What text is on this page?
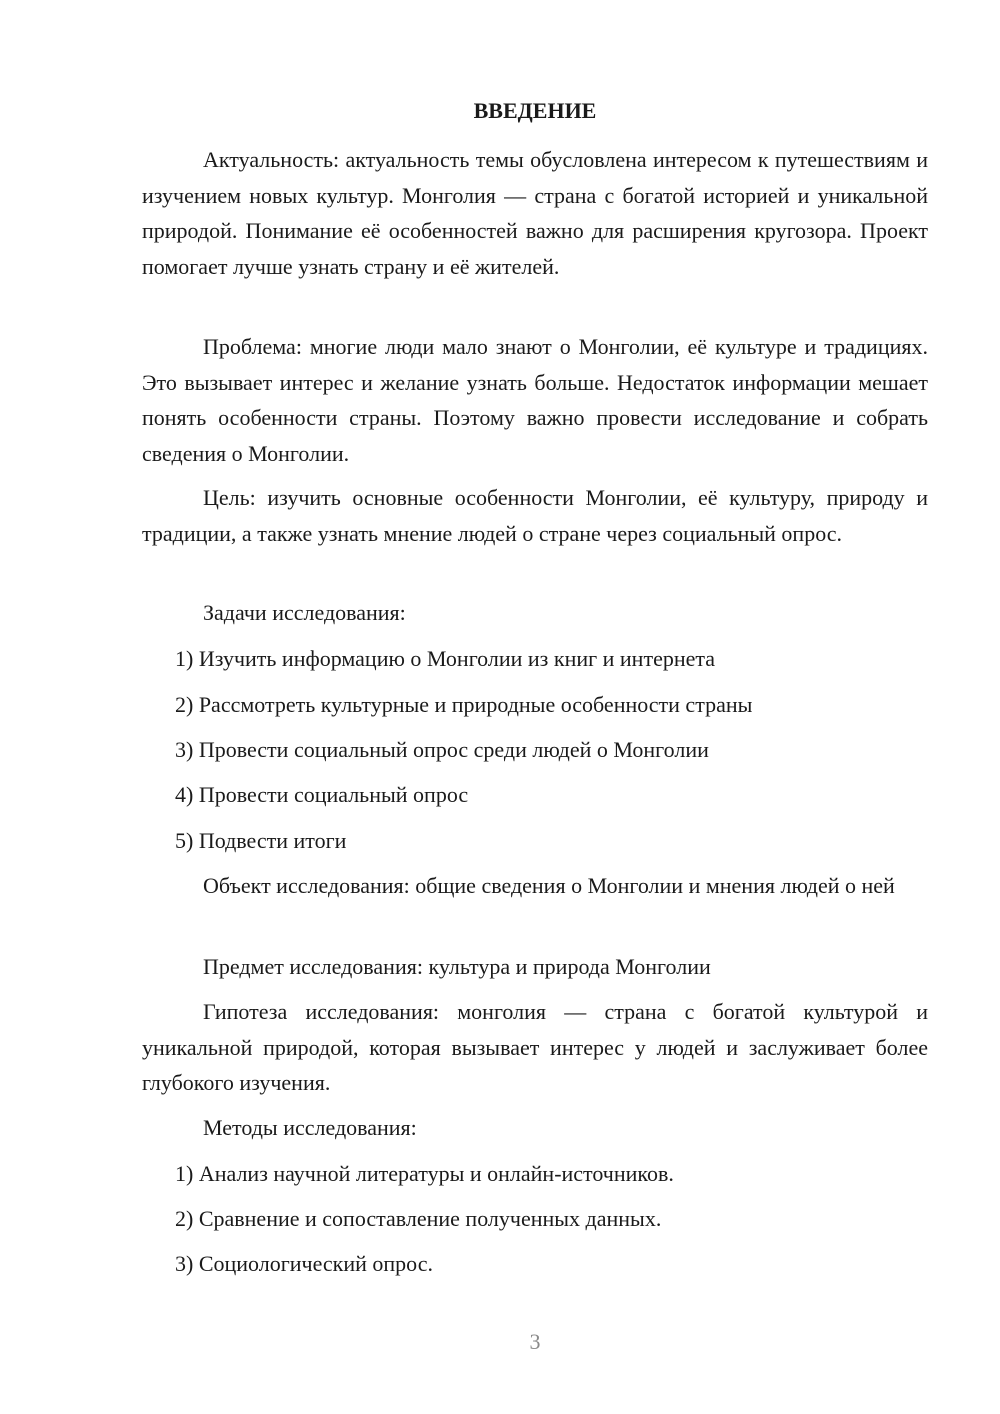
ВВЕДЕНИЕ

Актуальность: актуальность темы обусловлена интересом к путешествиям и изучением новых культур. Монголия — страна с богатой историей и уникальной природой. Понимание её особенностей важно для расширения кругозора. Проект помогает лучше узнать страну и её жителей.

Проблема: многие люди мало знают о Монголии, её культуре и традициях. Это вызывает интерес и желание узнать больше. Недостаток информации мешает понять особенности страны. Поэтому важно провести исследование и собрать сведения о Монголии.

Цель: изучить основные особенности Монголии, её культуру, природу и традиции, а также узнать мнение людей о стране через социальный опрос.

Задачи исследования:

1) Изучить информацию о Монголии из книг и интернета
2) Рассмотреть культурные и природные особенности страны
3) Провести социальный опрос среди людей о Монголии
4) Провести социальный опрос
5) Подвести итоги

Объект исследования: общие сведения о Монголии и мнения людей о ней

Предмет исследования: культура и природа Монголии

Гипотеза исследования: монголия — страна с богатой культурой и уникальной природой, которая вызывает интерес у людей и заслуживает более глубокого изучения.

Методы исследования:

1) Анализ научной литературы и онлайн-источников.
2) Сравнение и сопоставление полученных данных.
3) Социологический опрос.
3
